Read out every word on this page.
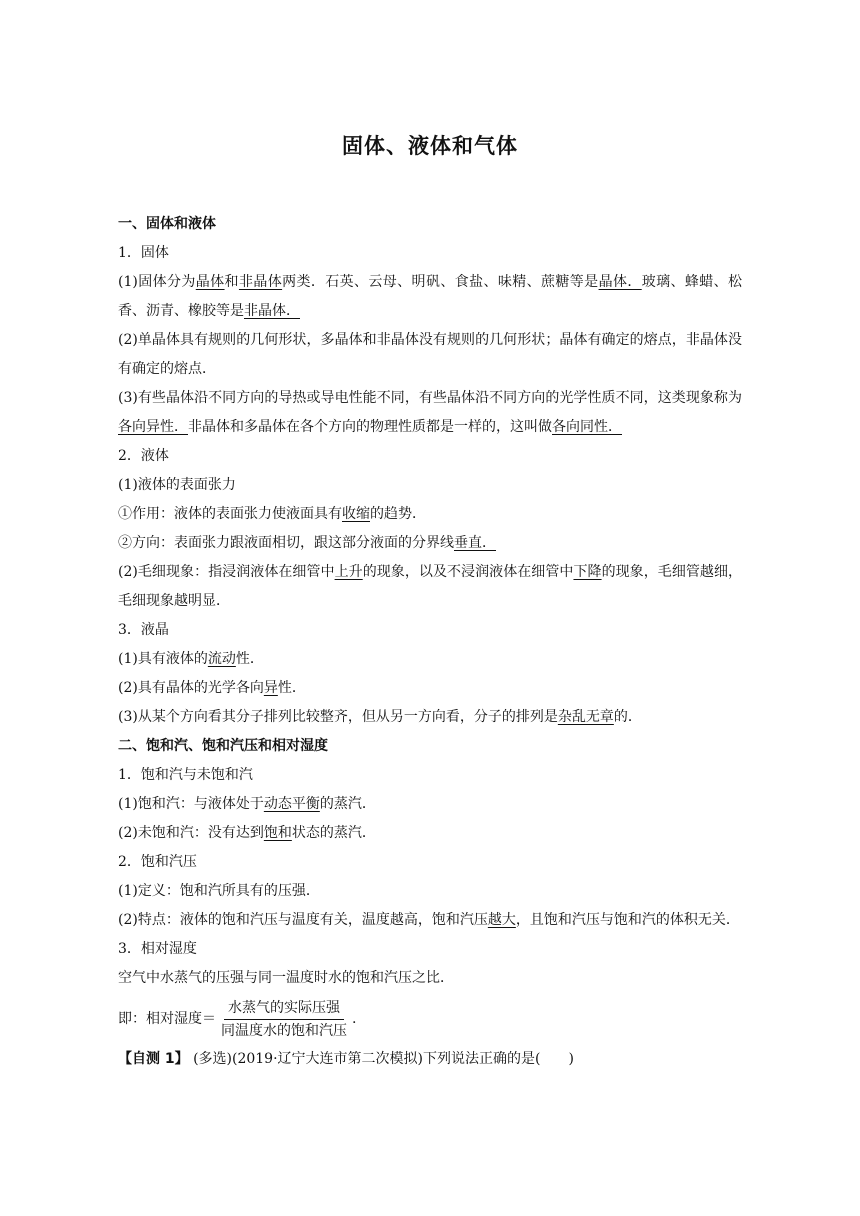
固体、液体和气体
一、固体和液体
1．固体
(1)固体分为晶体和非晶体两类．石英、云母、明矾、食盐、味精、蔗糖等是晶体．玻璃、蜂蜡、松香、沥青、橡胶等是非晶体．
(2)单晶体具有规则的几何形状，多晶体和非晶体没有规则的几何形状；晶体有确定的熔点，非晶体没有确定的熔点．
(3)有些晶体沿不同方向的导热或导电性能不同，有些晶体沿不同方向的光学性质不同，这类现象称为各向异性．非晶体和多晶体在各个方向的物理性质都是一样的，这叫做各向同性．
2．液体
(1)液体的表面张力
①作用：液体的表面张力使液面具有收缩的趋势．
②方向：表面张力跟液面相切，跟这部分液面的分界线垂直．
(2)毛细现象：指浸润液体在细管中上升的现象，以及不浸润液体在细管中下降的现象，毛细管越细，毛细现象越明显．
3．液晶
(1)具有液体的流动性．
(2)具有晶体的光学各向异性．
(3)从某个方向看其分子排列比较整齐，但从另一方向看，分子的排列是杂乱无章的．
二、饱和汽、饱和汽压和相对湿度
1．饱和汽与未饱和汽
(1)饱和汽：与液体处于动态平衡的蒸汽．
(2)未饱和汽：没有达到饱和状态的蒸汽．
2．饱和汽压
(1)定义：饱和汽所具有的压强．
(2)特点：液体的饱和汽压与温度有关，温度越高，饱和汽压越大，且饱和汽压与饱和汽的体积无关．
3．相对湿度
空气中水蒸气的压强与同一温度时水的饱和汽压之比．
即：相对湿度＝ $\frac{\text{水蒸气的实际压强}}{\text{同温度水的饱和汽压}}$ .
【自测 1】 (多选)(2019·辽宁大连市第二次模拟)下列说法正确的是(　　)
